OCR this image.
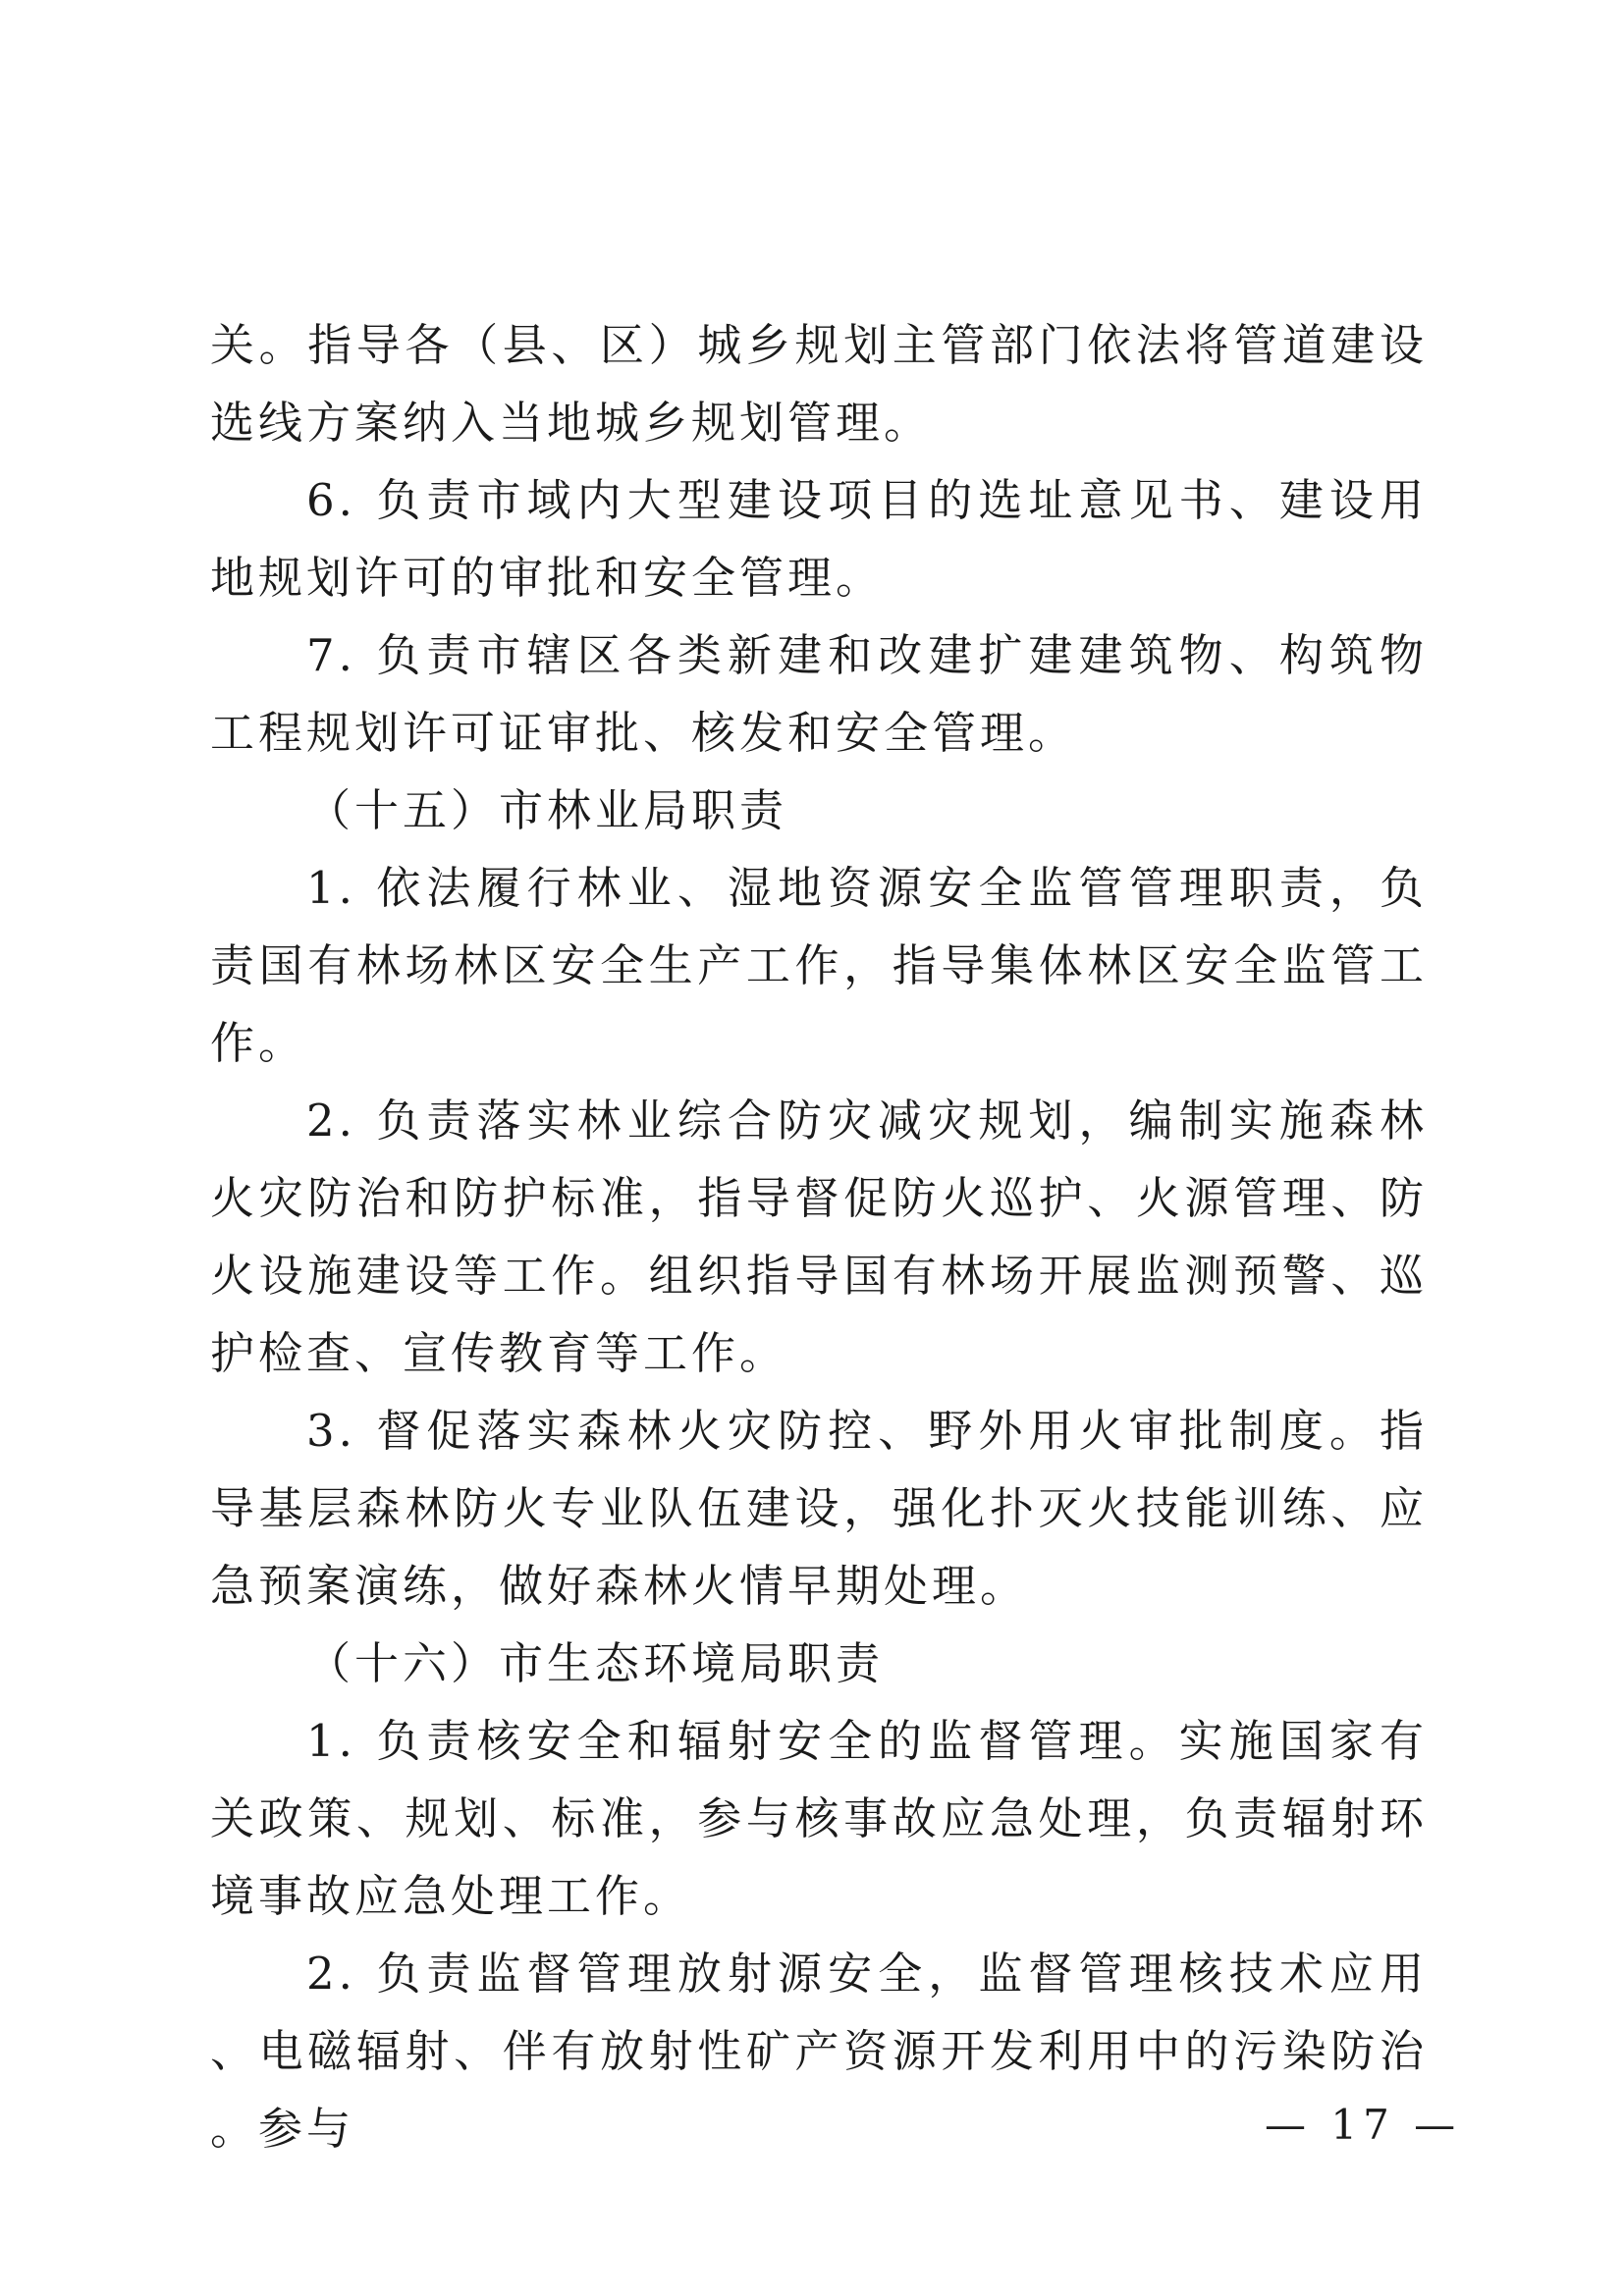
关。指导各（县、区）城乡规划主管部门依法将管道建设选线方案纳入当地城乡规划管理。

6. 负责市域内大型建设项目的选址意见书、建设用地规划许可的审批和安全管理。

7. 负责市辖区各类新建和改建扩建建筑物、构筑物工程规划许可证审批、核发和安全管理。

（十五）市林业局职责

1. 依法履行林业、湿地资源安全监管管理职责，负责国有林场林区安全生产工作，指导集体林区安全监管工作。

2. 负责落实林业综合防灾减灾规划，编制实施森林火灾防治和防护标准，指导督促防火巡护、火源管理、防火设施建设等工作。组织指导国有林场开展监测预警、巡护检查、宣传教育等工作。

3. 督促落实森林火灾防控、野外用火审批制度。指导基层森林防火专业队伍建设，强化扑灭火技能训练、应急预案演练，做好森林火情早期处理。

（十六）市生态环境局职责

1. 负责核安全和辐射安全的监督管理。实施国家有关政策、规划、标准，参与核事故应急处理，负责辐射环境事故应急处理工作。

2. 负责监督管理放射源安全，监督管理核技术应用、电磁辐射、伴有放射性矿产资源开发利用中的污染防治。参与	— 17 —
